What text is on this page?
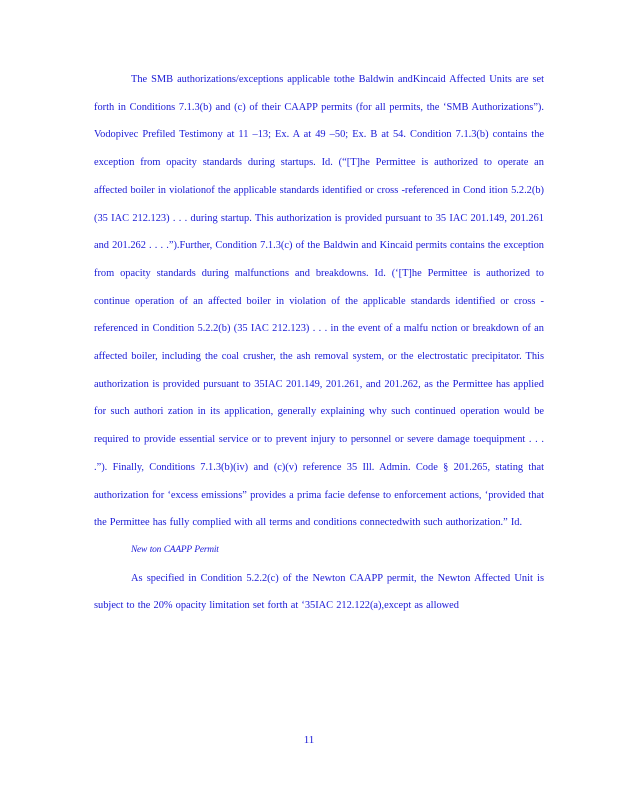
The SMB authorizations/exceptions applicable tothe Baldwin andKincaid Affected Units are set forth in Conditions 7.1.3(b) and (c) of their CAAPP permits (for all permits, the ‘SMB Authorizations”). Vodopivec Prefiled Testimony at 11 –13; Ex. A at 49 –50; Ex. B at 54. Condition 7.1.3(b) contains the exception from opacity standards during startups. Id. (“[T]he Permittee is authorized to operate an affected boiler in violationof the applicable standards identified or cross -referenced in Cond ition 5.2.2(b) (35 IAC 212.123) . . . during startup. This authorization is provided pursuant to 35 IAC 201.149, 201.261 and 201.262 . . . .”).Further, Condition 7.1.3(c) of the Baldwin and Kincaid permits contains the exception from opacity standards during malfunctions and breakdowns. Id. (‘[T]he Permittee is authorized to continue operation of an affected boiler in violation of the applicable standards identified or cross -referenced in Condition 5.2.2(b) (35 IAC 212.123) . . . in the event of a malfu nction or breakdown of an affected boiler, including the coal crusher, the ash removal system, or the electrostatic precipitator. This authorization is provided pursuant to 35IAC 201.149, 201.261, and 201.262, as the Permittee has applied for such authori zation in its application, generally explaining why such continued operation would be required to provide essential service or to prevent injury to personnel or severe damage toequipment . . . .”). Finally, Conditions 7.1.3(b)(iv) and (c)(v) reference 35 Ill. Admin. Code § 201.265, stating that authorization for ‘excess emissions” provides a prima facie defense to enforcement actions, ‘provided that the Permittee has fully complied with all terms and conditions connectedwith such authorization.” Id.

New ton CAAPP Permit

As specified in Condition 5.2.2(c) of the Newton CAAPP permit, the Newton Affected Unit is subject to the 20% opacity limitation set forth at ‘35IAC 212.122(a),except as allowed

11
